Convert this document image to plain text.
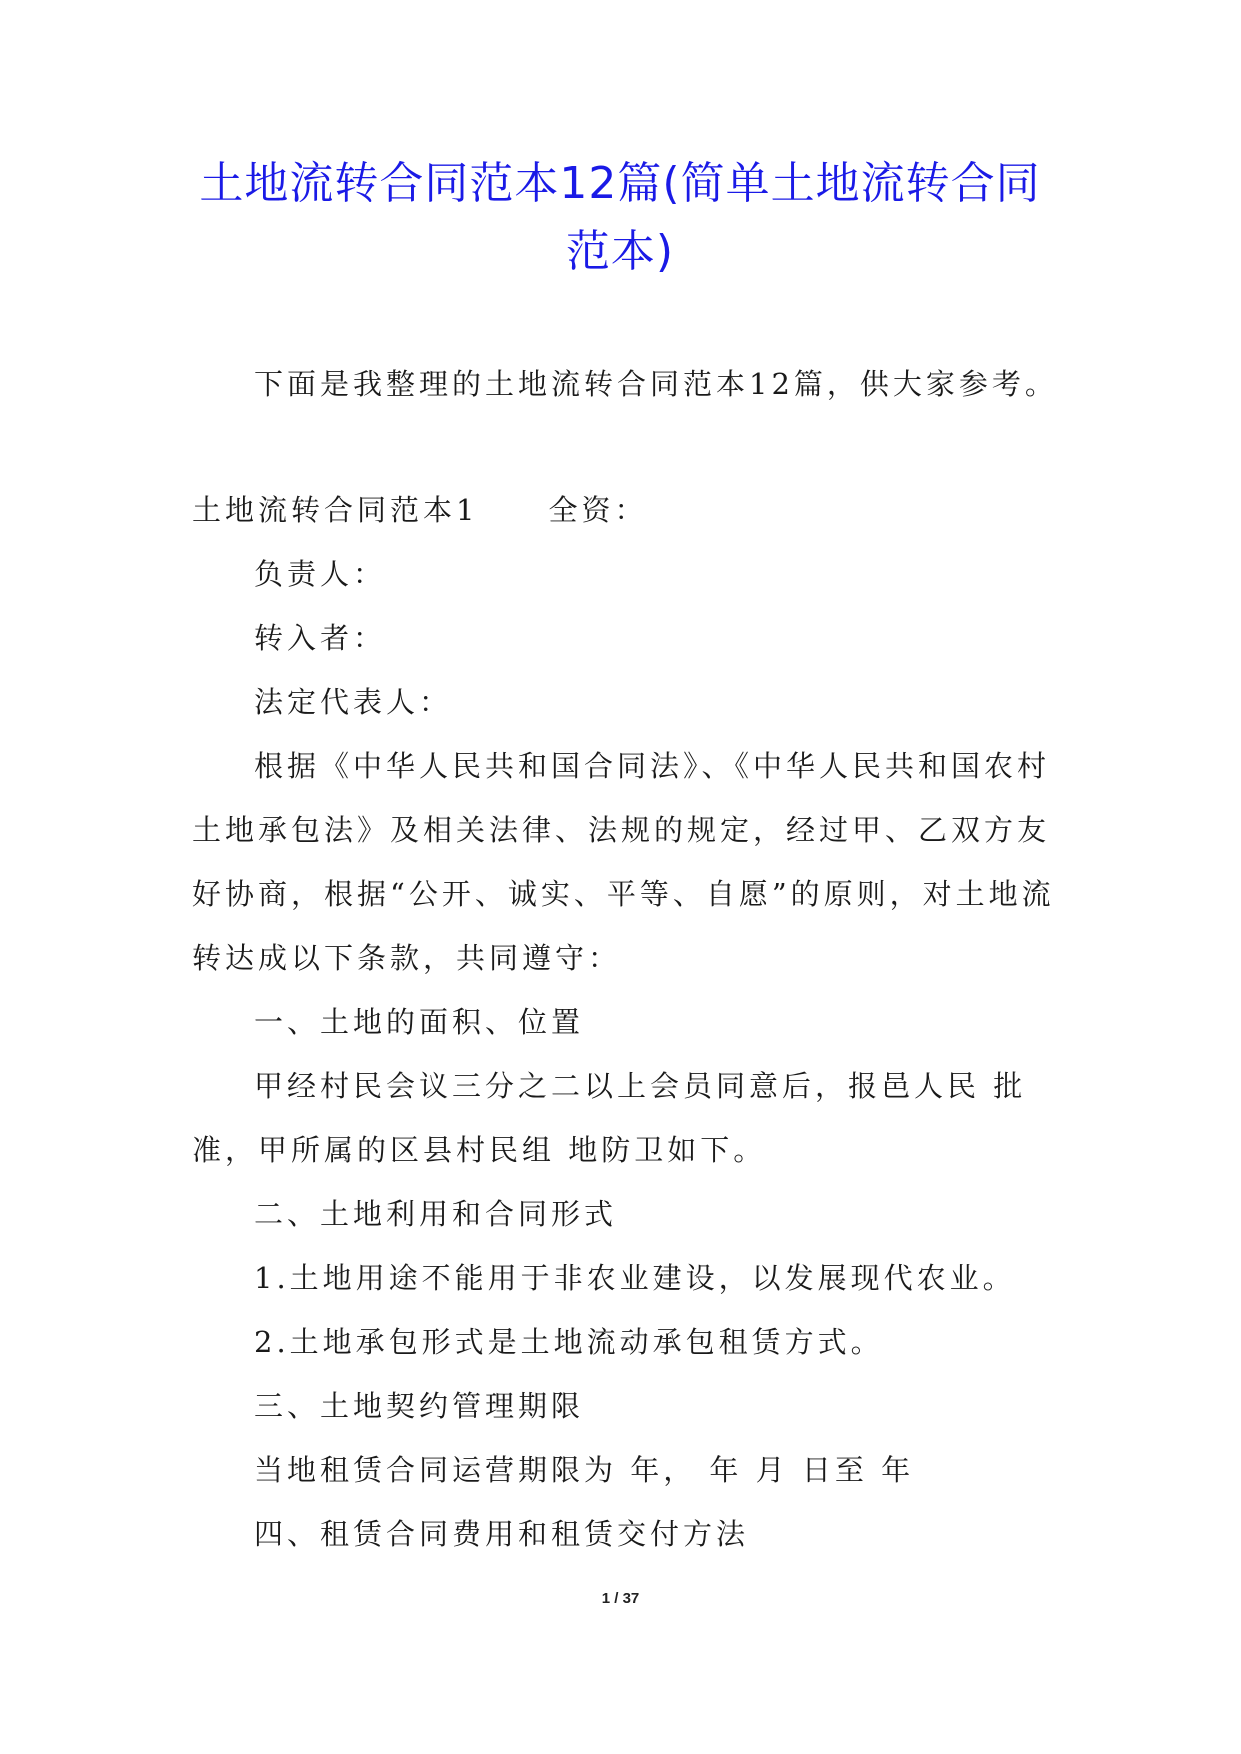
土地流转合同范本12篇(简单土地流转合同范本)
下面是我整理的土地流转合同范本12篇，供大家参考。
土地流转合同范本1 全资：
负责人：
转入者：
法定代表人：
根据《中华人民共和国合同法》、《中华人民共和国农村土地承包法》及相关法律、法规的规定，经过甲、乙双方友好协商，根据“公开、诚实、平等、自愿”的原则，对土地流转达成以下条款，共同遵守：
一、土地的面积、位置
甲经村民会议三分之二以上会员同意后，报邑人民 批准，甲所属的区县村民组 地防卫如下。
二、土地利用和合同形式
1.土地用途不能用于非农业建设，以发展现代农业。
2.土地承包形式是土地流动承包租赁方式。
三、土地契约管理期限
当地租赁合同运营期限为 年， 年 月 日至 年
四、租赁合同费用和租赁交付方法
1 / 37
